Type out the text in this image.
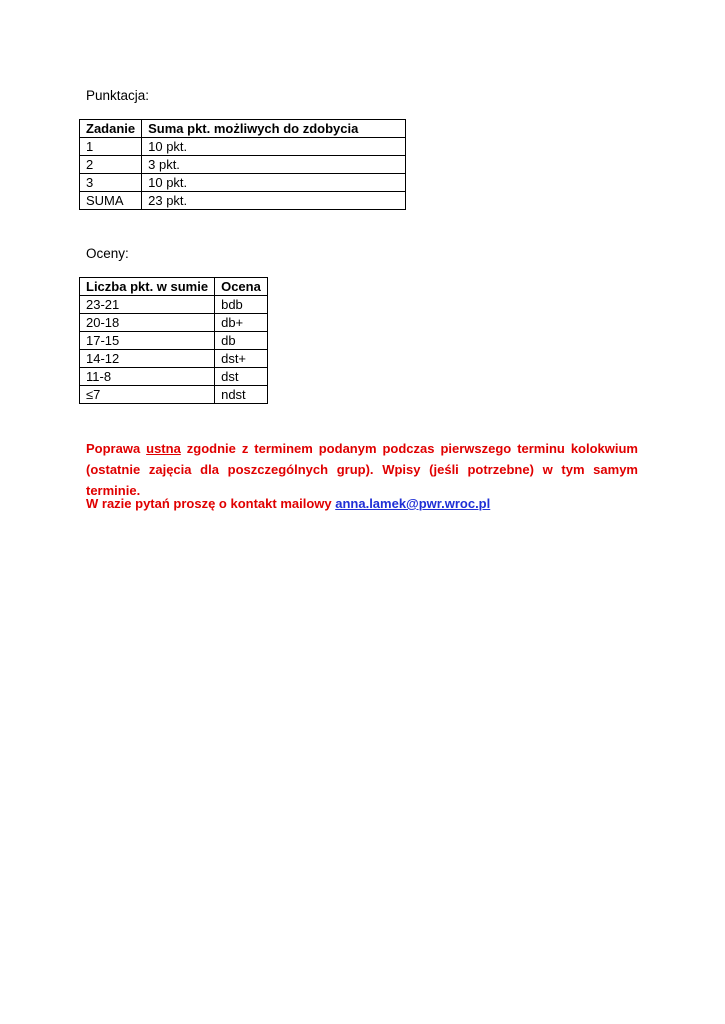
Punktacja:
Zadanie	Suma pkt. możliwych do zdobycia
1	10 pkt.
2	3 pkt.
3	10 pkt.
SUMA	23 pkt.
Oceny:
Liczba pkt. w sumie	Ocena
23-21	bdb
20-18	db+
17-15	db
14-12	dst+
11-8	dst
≤7	ndst

Poprawa ustna zgodnie z terminem podanym podczas pierwszego terminu kolokwium (ostatnie zajęcia dla poszczególnych grup). Wpisy (jeśli potrzebne) w tym samym terminie.

W razie pytań proszę o kontakt mailowy anna.lamek@pwr.wroc.pl
